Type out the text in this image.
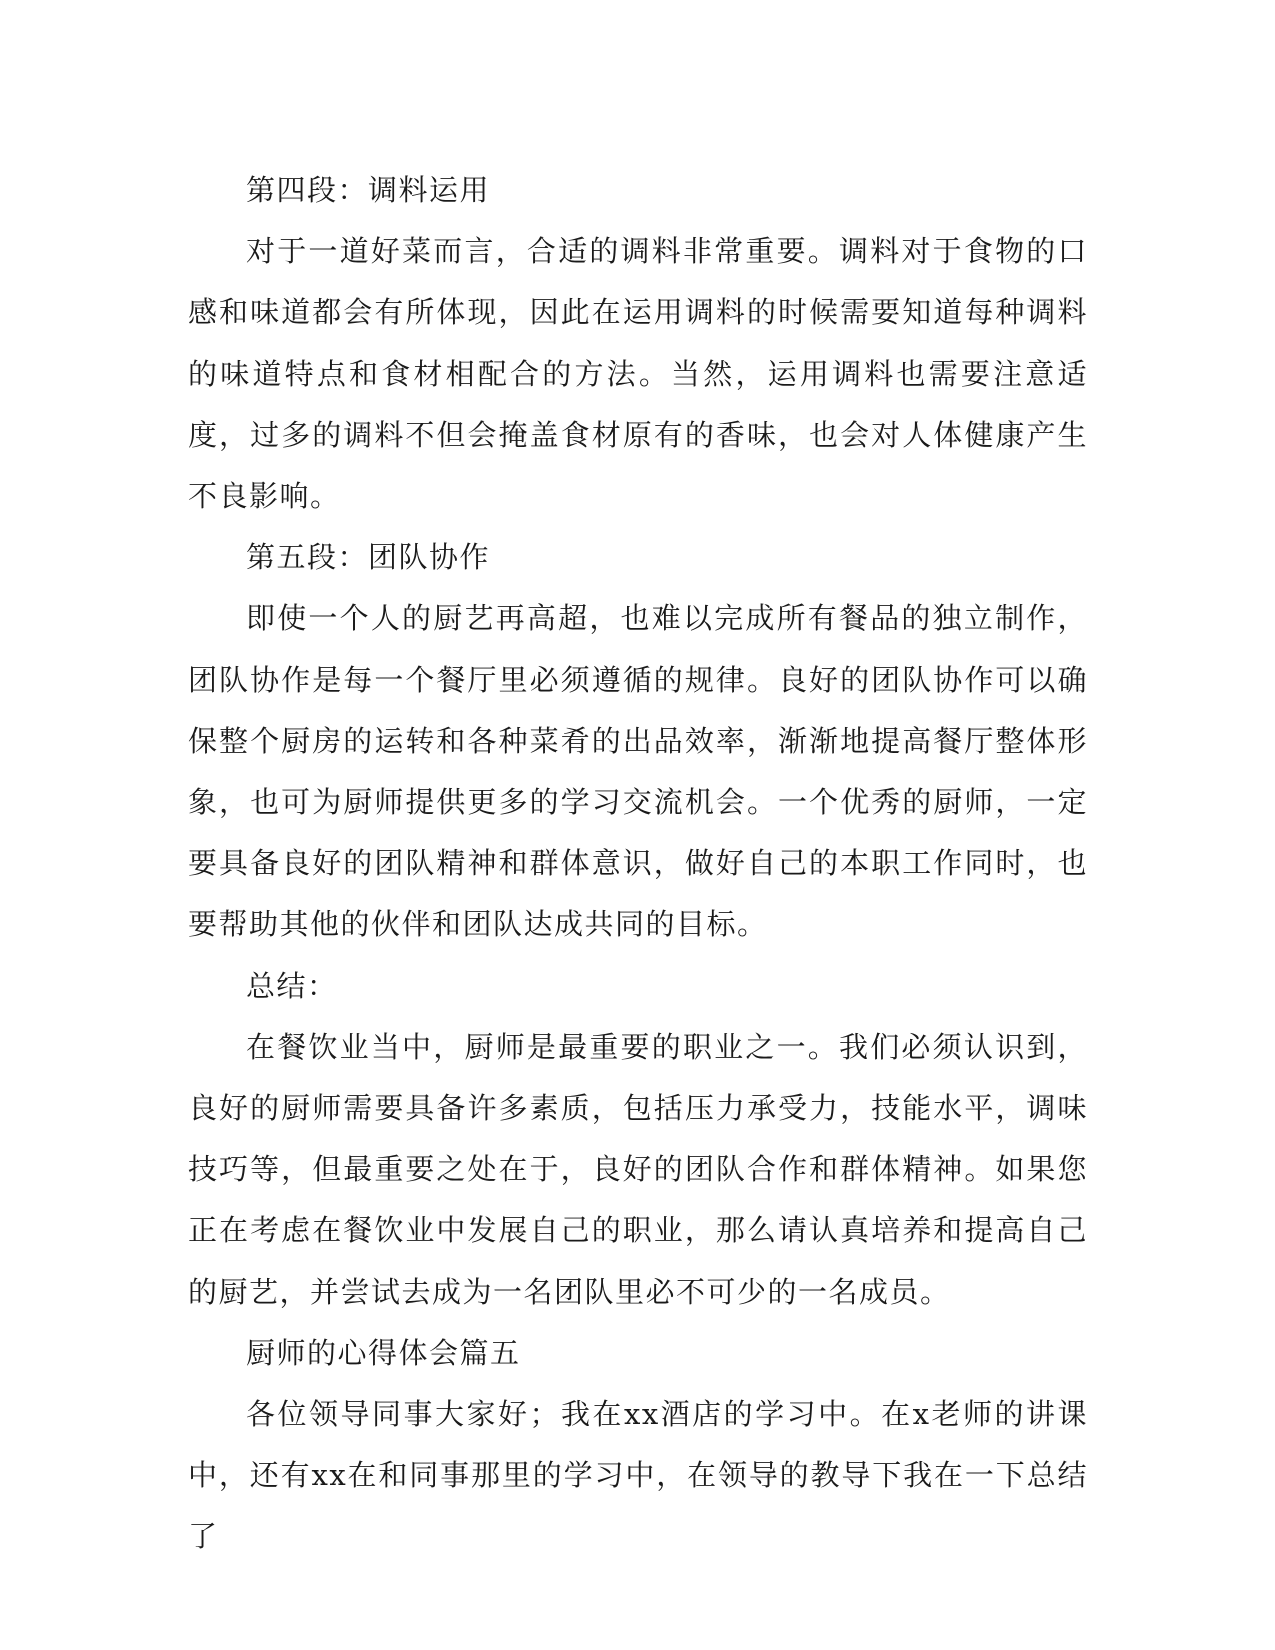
第四段：调料运用

对于一道好菜而言，合适的调料非常重要。调料对于食物的口感和味道都会有所体现，因此在运用调料的时候需要知道每种调料的味道特点和食材相配合的方法。当然，运用调料也需要注意适度，过多的调料不但会掩盖食材原有的香味，也会对人体健康产生不良影响。

第五段：团队协作

即使一个人的厨艺再高超，也难以完成所有餐品的独立制作，团队协作是每一个餐厅里必须遵循的规律。良好的团队协作可以确保整个厨房的运转和各种菜肴的出品效率，渐渐地提高餐厅整体形象，也可为厨师提供更多的学习交流机会。一个优秀的厨师，一定要具备良好的团队精神和群体意识，做好自己的本职工作同时，也要帮助其他的伙伴和团队达成共同的目标。

总结：

在餐饮业当中，厨师是最重要的职业之一。我们必须认识到，良好的厨师需要具备许多素质，包括压力承受力，技能水平，调味技巧等，但最重要之处在于，良好的团队合作和群体精神。如果您正在考虑在餐饮业中发展自己的职业，那么请认真培养和提高自己的厨艺，并尝试去成为一名团队里必不可少的一名成员。

厨师的心得体会篇五

各位领导同事大家好；我在xx酒店的学习中。在x老师的讲课中，还有xx在和同事那里的学习中，在领导的教导下我在一下总结了
